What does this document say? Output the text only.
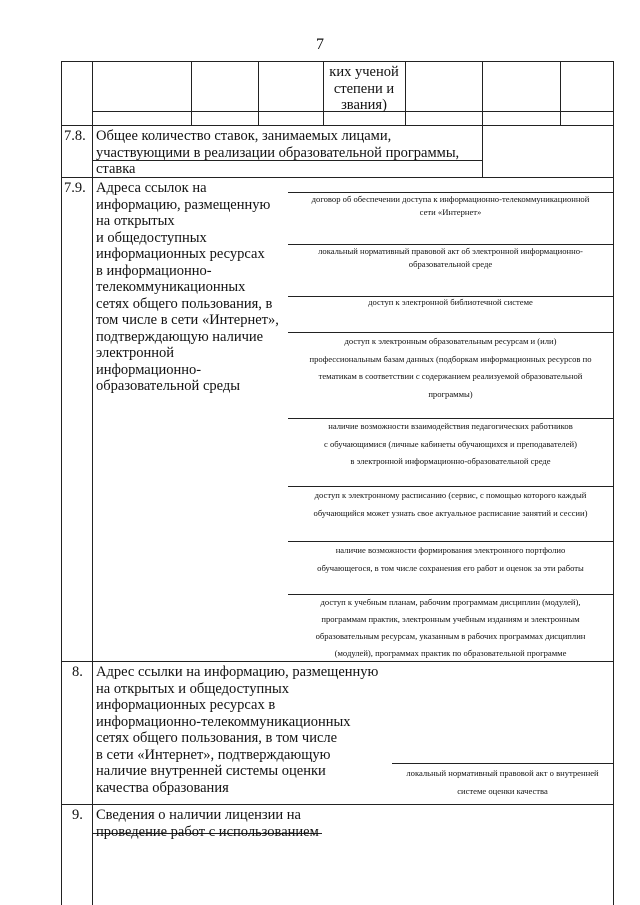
7
ких ученой
степени и
звания)
7.8. Общее количество ставок, занимаемых лицами,
участвующими в реализации образовательной программы,
ставка
7.9. Адреса ссылок на
информацию, размещенную
на открытых
и общедоступных
информационных ресурсах
в информационно-
телекоммуникационных
сетях общего пользования, в
том числе в сети «Интернет»,
подтверждающую наличие
электронной
информационно-
образовательной среды
договор об обеспечении доступа к информационно-телекоммуникационной
сети «Интернет»
локальный нормативный правовой акт об электронной информационно-
образовательной среде
доступ к электронной библиотечной системе
доступ к электронным образовательным ресурсам и (или)
профессиональным базам данных (подборкам информационных ресурсов по
тематикам в соответствии с содержанием реализуемой образовательной
программы)
наличие возможности взаимодействия педагогических работников
с обучающимися (личные кабинеты обучающихся и преподавателей)
в электронной информационно-образовательной среде
доступ к электронному расписанию (сервис, с помощью которого каждый
обучающийся может узнать свое актуальное расписание занятий и сессии)
наличие возможности формирования электронного портфолио
обучающегося, в том числе сохранения его работ и оценок за эти работы
доступ к учебным планам, рабочим программам дисциплин (модулей),
программам практик, электронным учебным изданиям и электронным
образовательным ресурсам, указанным в рабочих программах дисциплин
(модулей), программах практик по образовательной программе
8. Адрес ссылки на информацию, размещенную
на открытых и общедоступных
информационных ресурсах в
информационно-телекоммуникационных
сетях общего пользования, в том числе
в сети «Интернет», подтверждающую
наличие внутренней системы оценки
качества образования
локальный нормативный правовой акт о внутренней
системе оценки качества
9. Сведения о наличии лицензии на
проведение работ с использованием
